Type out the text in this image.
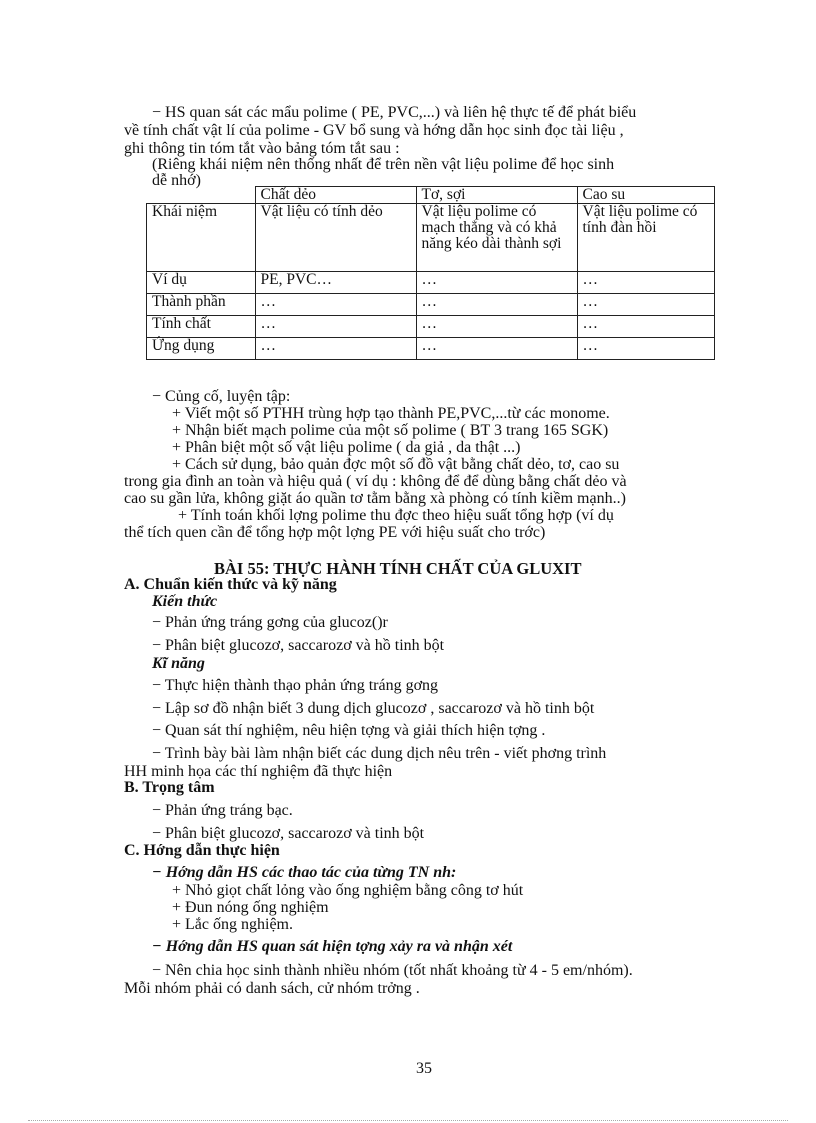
− HS quan sát các mẩu polime ( PE, PVC,...) và liên hệ thực tế để phát biểu
về tính chất vật lí của polime - GV bổ sung và hớng dẫn học sinh đọc tài liệu ,
ghi thông tin tóm tắt vào bảng tóm tắt sau :
(Riêng khái niệm nên thống nhất để trên nền vật liệu polime để học sinh
dễ nhớ)
	Chất dẻo	Tơ, sợi	Cao su
Khái niệm	Vật liệu có tính dẻo	Vật liệu polime có mạch thẳng và có khả năng kéo dài thành sợi	Vật liệu polime có tính đàn hồi
Ví dụ	PE, PVC…	…	…
Thành phần	…	…	…
Tính chất	…	…	…
Ứng dụng	…	…	…
− Củng cố, luyện tập:
+ Viết một số PTHH trùng hợp tạo thành PE,PVC,...từ các monome.
+ Nhận biết mạch polime của một số polime ( BT 3 trang 165 SGK)
+ Phân biệt một số vật liệu polime ( da giả , da thật ...)
+ Cách sử dụng, bảo quản đợc một số đồ vật bằng chất dẻo, tơ, cao su
trong gia đình an toàn và hiệu quả ( ví dụ : không để để dùng bằng chất dẻo và
cao su gần lửa, không giặt áo quần tơ tằm bằng xà phòng có tính kiềm mạnh..)
+ Tính toán khối lợng polime thu đợc theo hiệu suất tổng hợp (ví dụ
thể tích quen cần để tổng hợp một lợng PE với hiệu suất cho trớc)
BÀI 55: THỰC HÀNH TÍNH CHẤT CỦA GLUXIT
A. Chuẩn kiến thức và kỹ năng
Kiến thức
− Phản ứng tráng gơng của glucoz()r
− Phân biệt glucozơ, saccarozơ và hồ tinh bột
Kĩ năng
− Thực hiện thành thạo phản ứng tráng gơng
− Lập sơ đồ nhận biết 3 dung dịch glucozơ , saccarozơ và hồ tinh bột
− Quan sát thí nghiệm, nêu hiện tợng và giải thích hiện tợng .
− Trình bày bài làm nhận biết các dung dịch nêu trên - viết phơng trình
HH minh họa các thí nghiệm đã thực hiện
B. Trọng tâm
− Phản ứng tráng bạc.
− Phân biệt glucozơ, saccarozơ và tinh bột
C. Hớng dẫn thực hiện
− Hớng dẫn HS các thao tác của từng TN nh:
+ Nhỏ giọt chất lỏng vào ống nghiệm bằng công tơ hút
+ Đun nóng ống nghiệm
+ Lắc ống nghiệm.
− Hớng dẫn HS quan sát hiện tợng xảy ra và nhận xét
− Nên chia học sinh thành nhiều nhóm (tốt nhất khoảng từ 4 - 5 em/nhóm).
Mỗi nhóm phải có danh sách, cử nhóm trởng .
35
